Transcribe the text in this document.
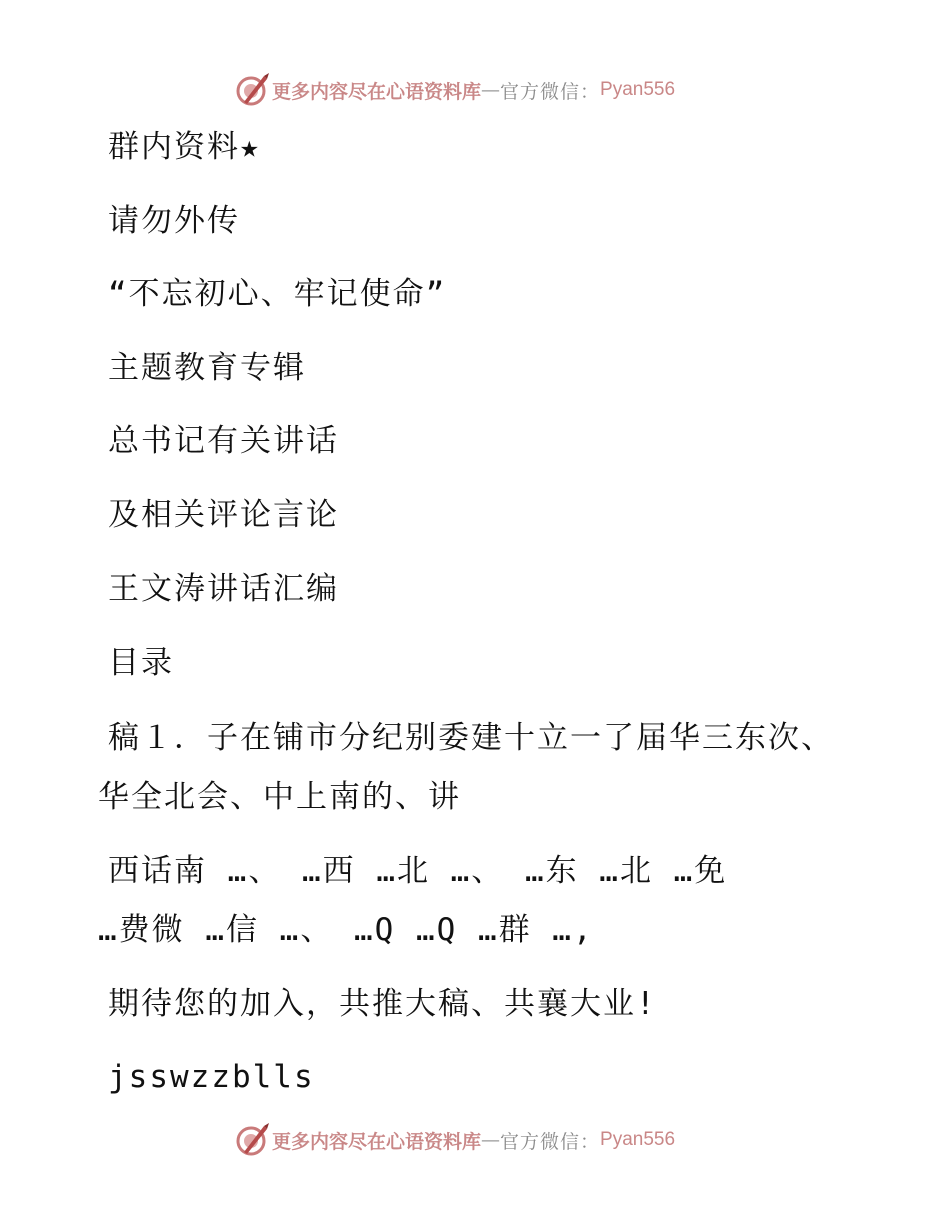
更多内容尽在心语资料库 — 官方微信： Pyan556
群内资料★
请勿外传
“不忘初心、牢记使命”
主题教育专辑
总书记有关讲话
及相关评论言论
王文涛讲话汇编
目录
稿１．子在铺市分纪别委建十立一了届华三东次、
华全北会、中上南的、讲
西话南 …、 …西 …北 …、 …东 …北 …免
…费微 …信 …、 …Q …Q …群 …,
期待您的加入，共推大稿、共襄大业!
jsswzzblls
更多内容尽在心语资料库 — 官方微信： Pyan556
